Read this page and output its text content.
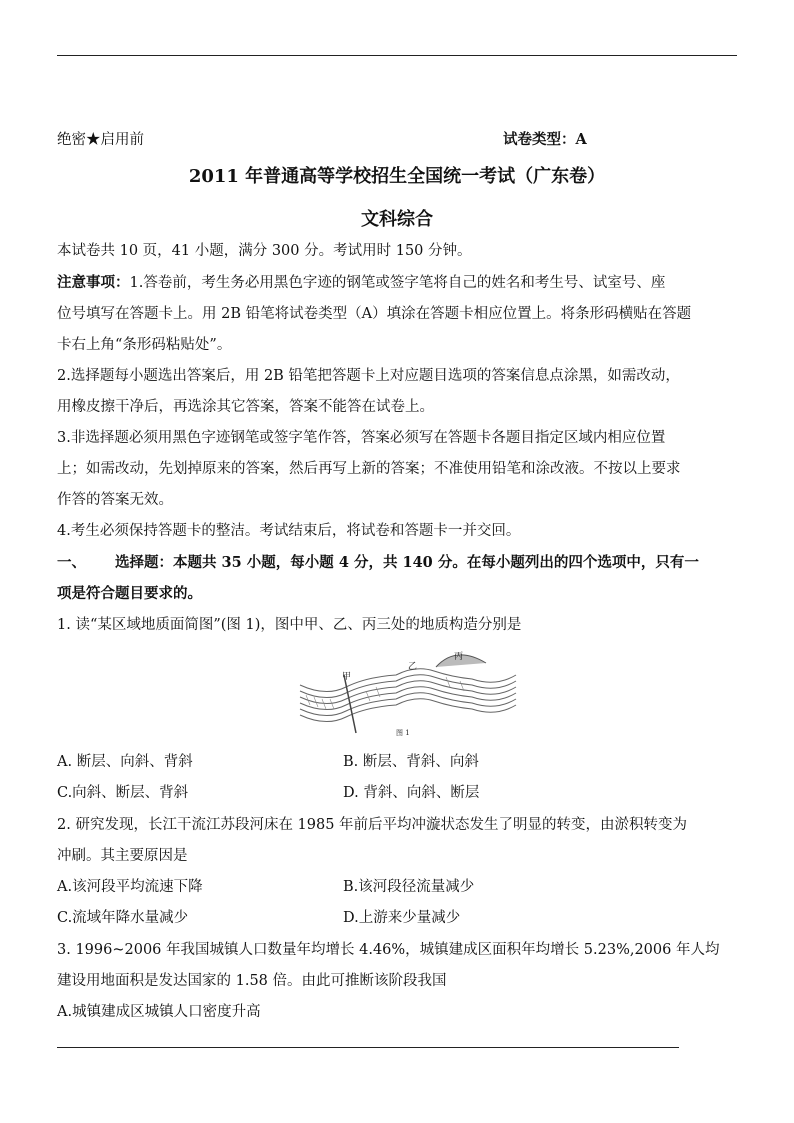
绝密★启用前	试卷类型：A
2011 年普通高等学校招生全国统一考试（广东卷）
文科综合
本试卷共 10 页，41 小题，满分 300 分。考试用时 150 分钟。
注意事项：1.答卷前，考生务必用黑色字迹的钢笔或签字笔将自己的姓名和考生号、试室号、座
位号填写在答题卡上。用 2B 铅笔将试卷类型（A）填涂在答题卡相应位置上。将条形码横贴在答题
卡右上角“条形码粘贴处”。
2.选择题每小题选出答案后，用 2B 铅笔把答题卡上对应题目选项的答案信息点涂黑，如需改动，
用橡皮擦干净后，再选涂其它答案，答案不能答在试卷上。
3.非选择题必须用黑色字迹钢笔或签字笔作答，答案必须写在答题卡各题目指定区域内相应位置
上；如需改动，先划掉原来的答案，然后再写上新的答案；不准使用铅笔和涂改液。不按以上要求
作答的答案无效。
4.考生必须保持答题卡的整洁。考试结束后，将试卷和答题卡一并交回。
一、 选择题：本题共 35 小题，每小题 4 分，共 140 分。在每小题列出的四个选项中，只有一
项是符合题目要求的。
1. 读“某区域地质面简图”(图 1)，图中甲、乙、丙三处的地质构造分别是
甲
乙
丙
图 1
A. 断层、向斜、背斜	B. 断层、背斜、向斜
C.向斜、断层、背斜	D. 背斜、向斜、断层
2. 研究发现，长江干流江苏段河床在 1985 年前后平均冲漩状态发生了明显的转变，由淤积转变为
冲刷。其主要原因是
A.该河段平均流速下降	B.该河段径流量减少
C.流域年降水量减少	D.上游来少量减少
3. 1996~2006 年我国城镇人口数量年均增长 4.46%，城镇建成区面积年均增长 5.23%,2006 年人均
建设用地面积是发达国家的 1.58 倍。由此可推断该阶段我国
A.城镇建成区城镇人口密度升高
